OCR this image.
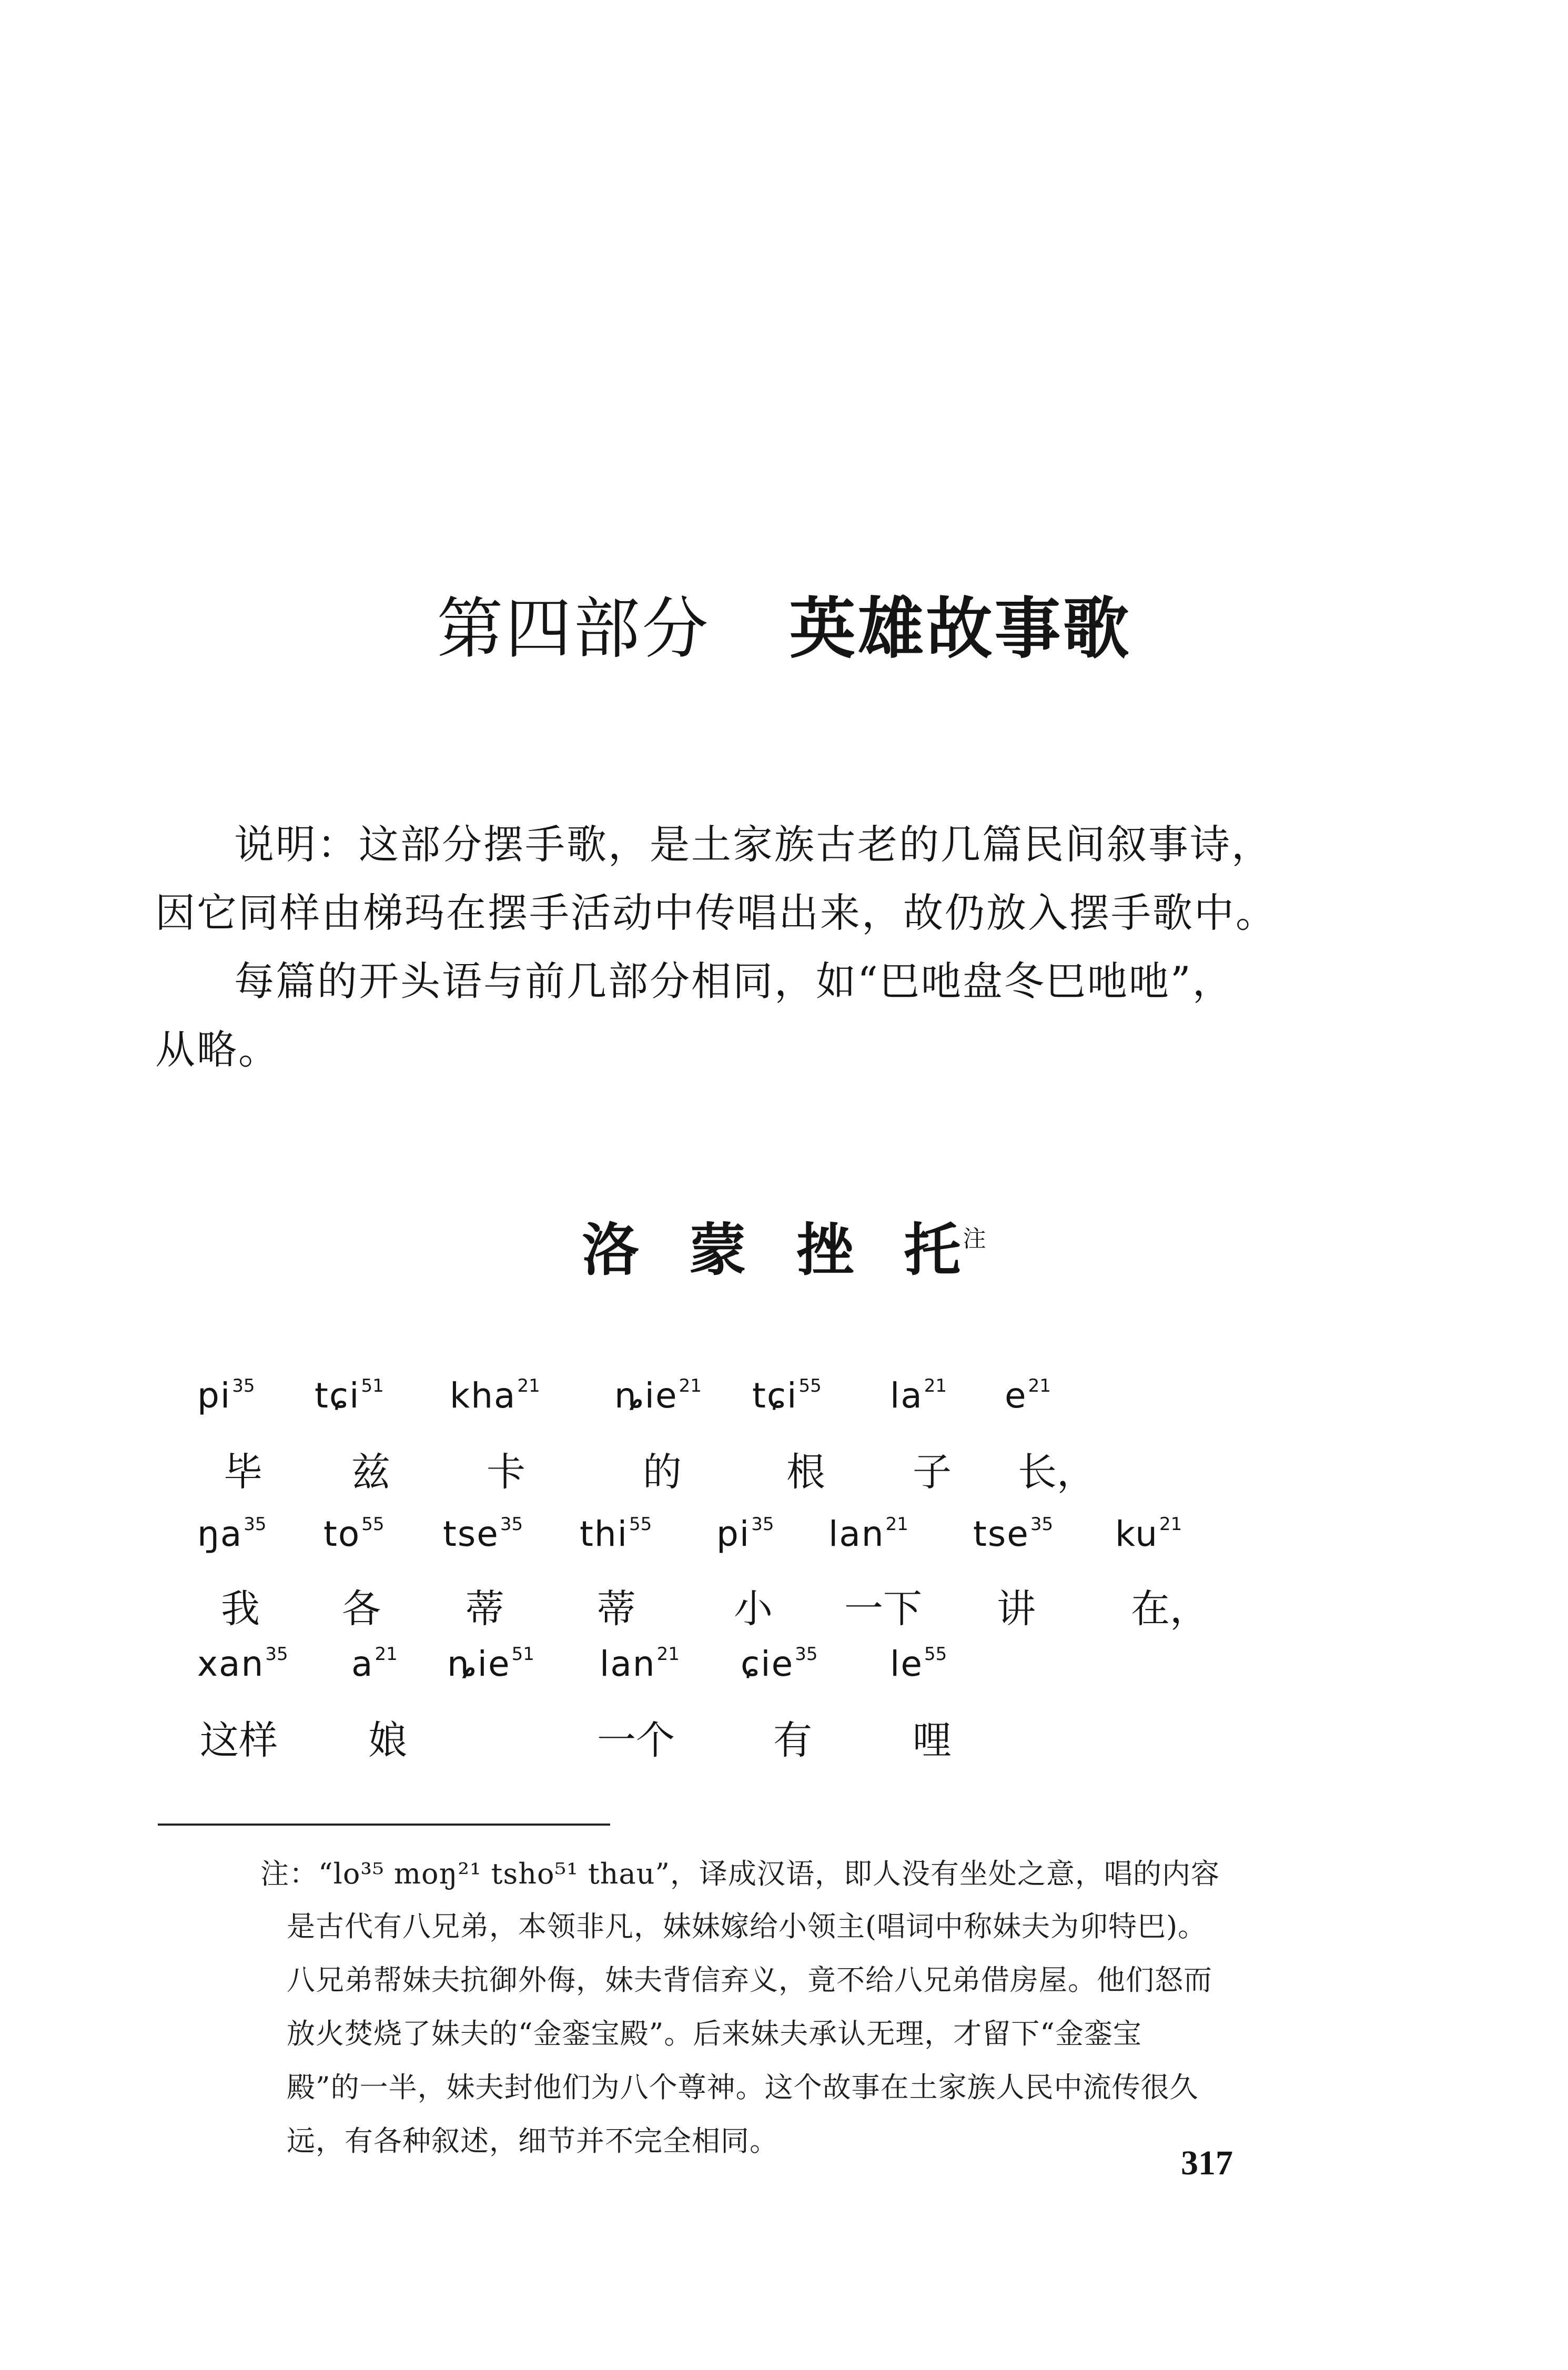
第四部分 英雄故事歌
说明：这部分摆手歌，是土家族古老的几篇民间叙事诗，
因它同样由梯玛在摆手活动中传唱出来，故仍放入摆手歌中。
每篇的开头语与前几部分相同，如“巴吔盘冬巴吔吔”，
从略。
洛 蒙 挫 托$^注$
$pi^{35}$ tɕi$^{51}$ kha$^{21}$ ȵie$^{21}$ tɕi$^{55}$ $la^{21}$ $e^{21}$
毕 兹 卡	的	根 子 长，
$ŋa^{35}$ $to^{55}$ tse$^{35}$ thi$^{55}$ $pi^{35}$ lan$^{21}$ tse$^{35}$ $ku^{21}$
我 各 蒂 蒂	小 一下 讲 在，
xan$^{35}$ $a^{21}$ ȵie$^{51}$ lan$^{21}$ ɕie$^{35}$ $le^{55}$
这样 娘	一个	有	哩
注：“lo³⁵ moŋ²¹ tsho⁵¹ thau”，译成汉语，即人没有坐处之意，唱的内容
是古代有八兄弟，本领非凡，妹妹嫁给小领主(唱词中称妹夫为卯特巴)。
八兄弟帮妹夫抗御外侮，妹夫背信弃义，竟不给八兄弟借房屋。他们怒而
放火焚烧了妹夫的“金銮宝殿”。后来妹夫承认无理，才留下“金銮宝
殿”的一半，妹夫封他们为八个尊神。这个故事在土家族人民中流传很久
远，有各种叙述，细节并不完全相同。
317
